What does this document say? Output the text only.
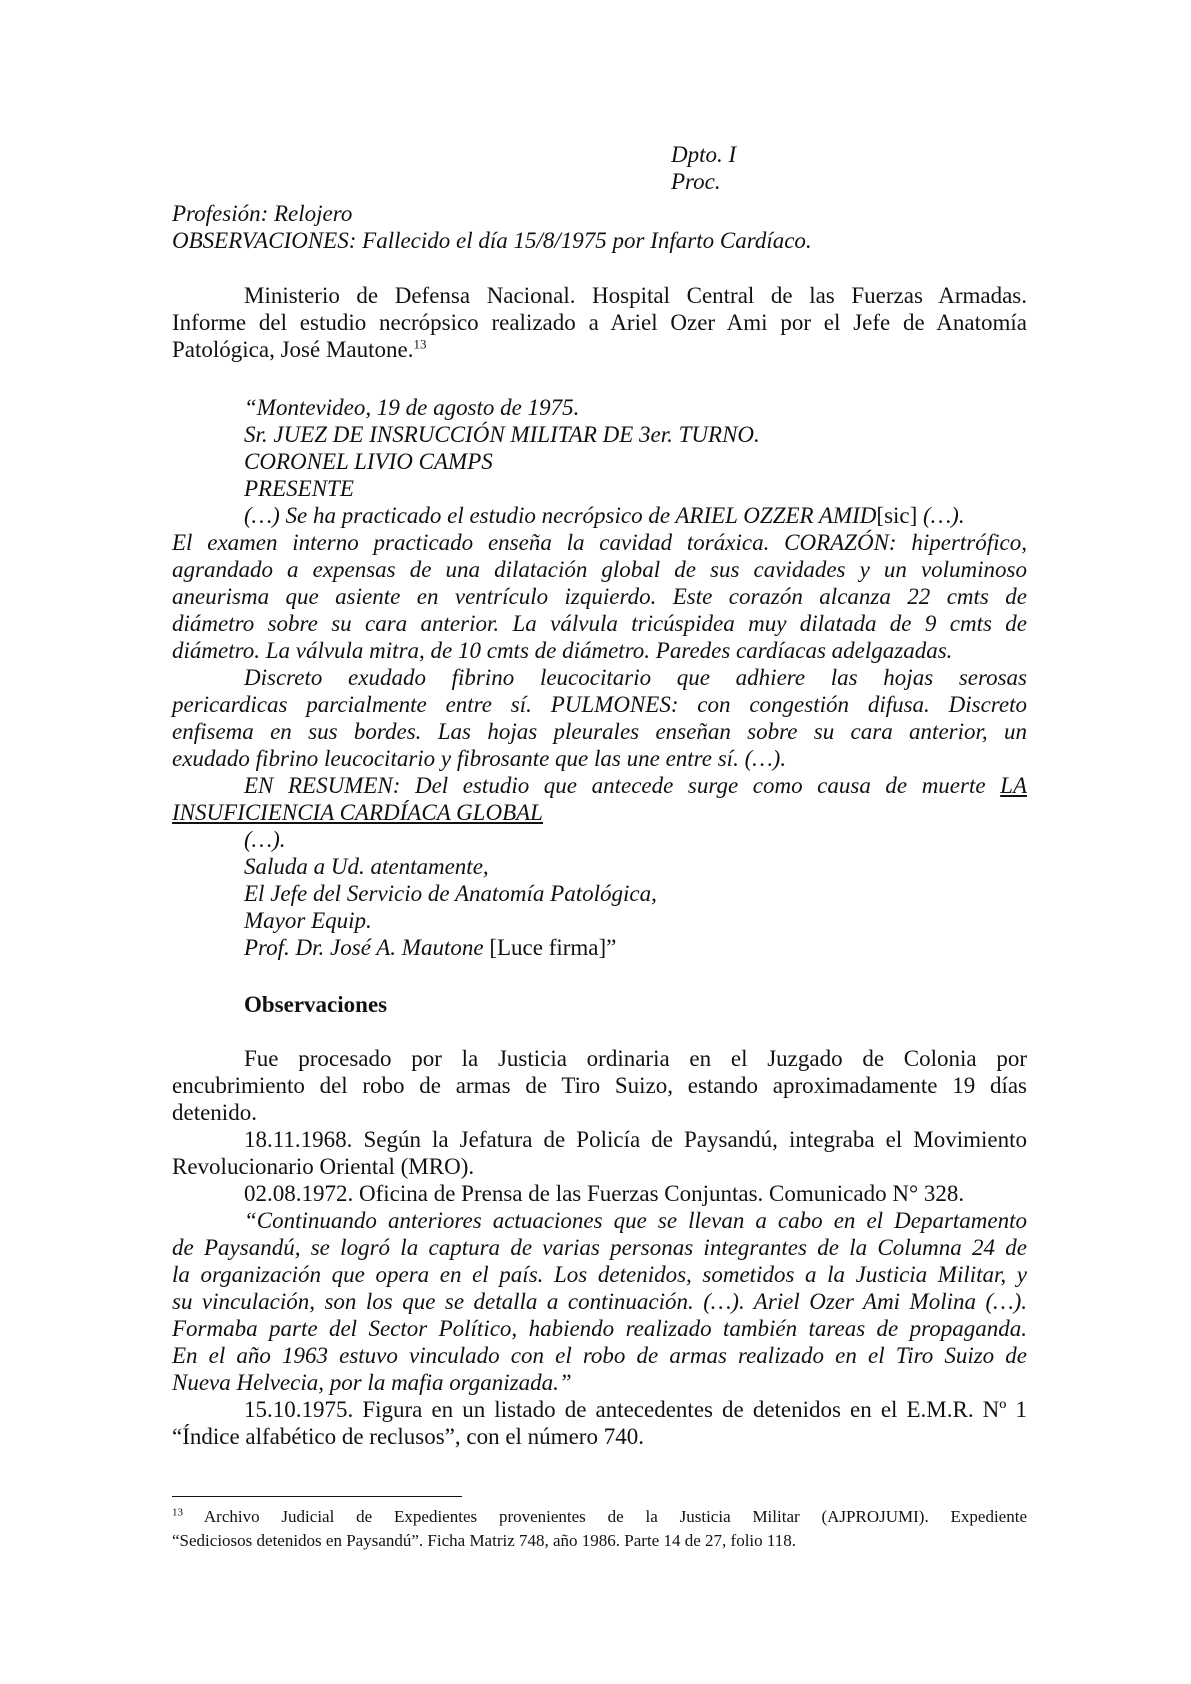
Dpto. I

Proc.

Profesión: Relojero

OBSERVACIONES: Fallecido el día 15/8/1975 por Infarto Cardíaco.

Ministerio de Defensa Nacional. Hospital Central de las Fuerzas Armadas.

Informe del estudio necrópsico realizado a Ariel Ozer Ami por el Jefe de Anatomía

Patológica, José Mautone.$^{13}$

“Montevideo, 19 de agosto de 1975.

Sr. JUEZ DE INSRUCCIÓN MILITAR DE 3er. TURNO.

CORONEL LIVIO CAMPS

PRESENTE

(…) Se ha practicado el estudio necrópsico de ARIEL OZZER AMID[sic] (…).

El examen interno practicado enseña la cavidad toráxica. CORAZÓN: hipertrófico,

agrandado a expensas de una dilatación global de sus cavidades y un voluminoso

aneurisma que asiente en ventrículo izquierdo. Este corazón alcanza 22 cmts de

diámetro sobre su cara anterior. La válvula tricúspidea muy dilatada de 9 cmts de

diámetro. La válvula mitra, de 10 cmts de diámetro. Paredes cardíacas adelgazadas.

Discreto exudado fibrino leucocitario que adhiere las hojas serosas

pericardicas parcialmente entre sí. PULMONES: con congestión difusa. Discreto

enfisema en sus bordes. Las hojas pleurales enseñan sobre su cara anterior, un

exudado fibrino leucocitario y fibrosante que las une entre sí. (…).

EN RESUMEN: Del estudio que antecede surge como causa de muerte LA

INSUFICIENCIA CARDÍACA GLOBAL

(…).

Saluda a Ud. atentamente,

El Jefe del Servicio de Anatomía Patológica,

Mayor Equip.

Prof. Dr. José A. Mautone [Luce firma]”

Observaciones

Fue procesado por la Justicia ordinaria en el Juzgado de Colonia por

encubrimiento del robo de armas de Tiro Suizo, estando aproximadamente 19 días

detenido.

18.11.1968. Según la Jefatura de Policía de Paysandú, integraba el Movimiento

Revolucionario Oriental (MRO).

02.08.1972. Oficina de Prensa de las Fuerzas Conjuntas. Comunicado N° 328.

“Continuando anteriores actuaciones que se llevan a cabo en el Departamento

de Paysandú, se logró la captura de varias personas integrantes de la Columna 24 de

la organización que opera en el país. Los detenidos, sometidos a la Justicia Militar, y

su vinculación, son los que se detalla a continuación. (…). Ariel Ozer Ami Molina (…).

Formaba parte del Sector Político, habiendo realizado también tareas de propaganda.

En el año 1963 estuvo vinculado con el robo de armas realizado en el Tiro Suizo de

Nueva Helvecia, por la mafia organizada.”

15.10.1975. Figura en un listado de antecedentes de detenidos en el E.M.R. Nº 1

“Índice alfabético de reclusos”, con el número 740.

$^{13}$ Archivo Judicial de Expedientes provenientes de la Justicia Militar (AJPROJUMI). Expediente

“Sediciosos detenidos en Paysandú”. Ficha Matriz 748, año 1986. Parte 14 de 27, folio 118.
